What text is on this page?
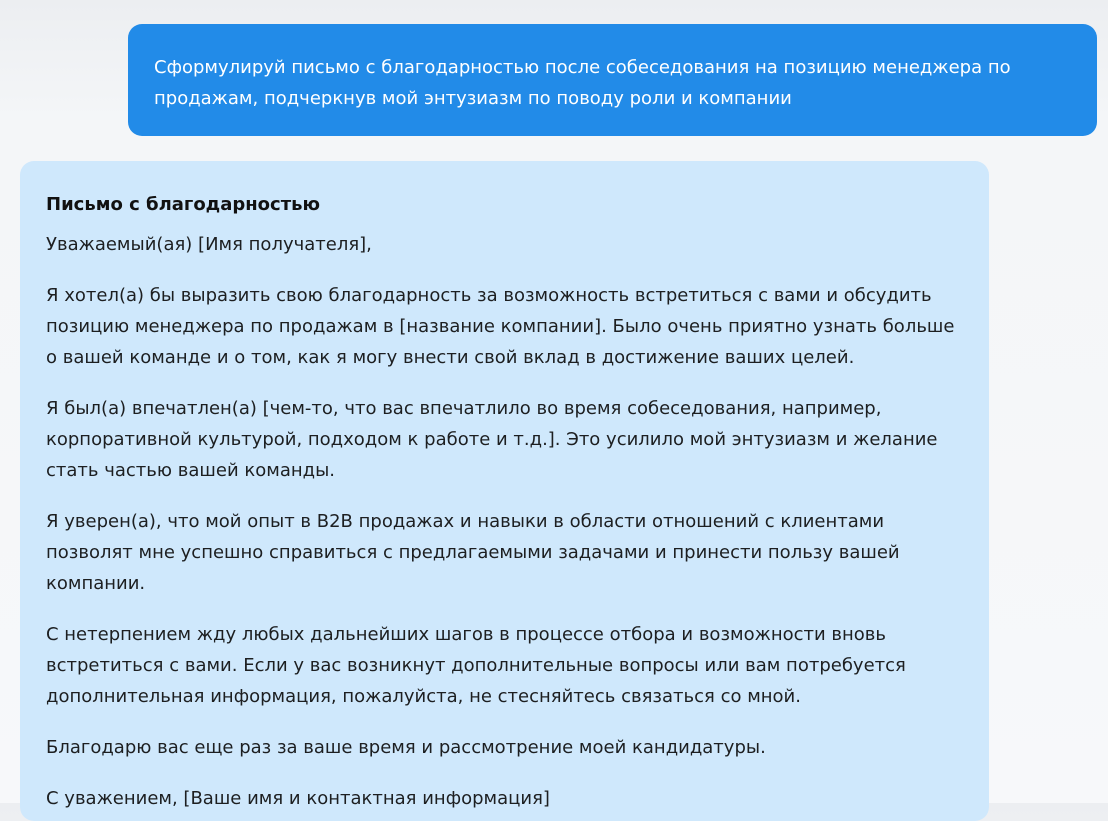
Сформулируй письмо с благодарностью после собеседования на позицию менеджера по продажам, подчеркнув мой энтузиазм по поводу роли и компании

Письмо с благодарностью

Уважаемый(ая) [Имя получателя],

Я хотел(а) бы выразить свою благодарность за возможность встретиться с вами и обсудить позицию менеджера по продажам в [название компании]. Было очень приятно узнать больше о вашей команде и о том, как я могу внести свой вклад в достижение ваших целей.

Я был(а) впечатлен(а) [чем-то, что вас впечатлило во время собеседования, например, корпоративной культурой, подходом к работе и т.д.]. Это усилило мой энтузиазм и желание стать частью вашей команды.

Я уверен(а), что мой опыт в B2B продажах и навыки в области отношений с клиентами позволят мне успешно справиться с предлагаемыми задачами и принести пользу вашей компании.

С нетерпением жду любых дальнейших шагов в процессе отбора и возможности вновь встретиться с вами. Если у вас возникнут дополнительные вопросы или вам потребуется дополнительная информация, пожалуйста, не стесняйтесь связаться со мной.

Благодарю вас еще раз за ваше время и рассмотрение моей кандидатуры.

С уважением, [Ваше имя и контактная информация]
